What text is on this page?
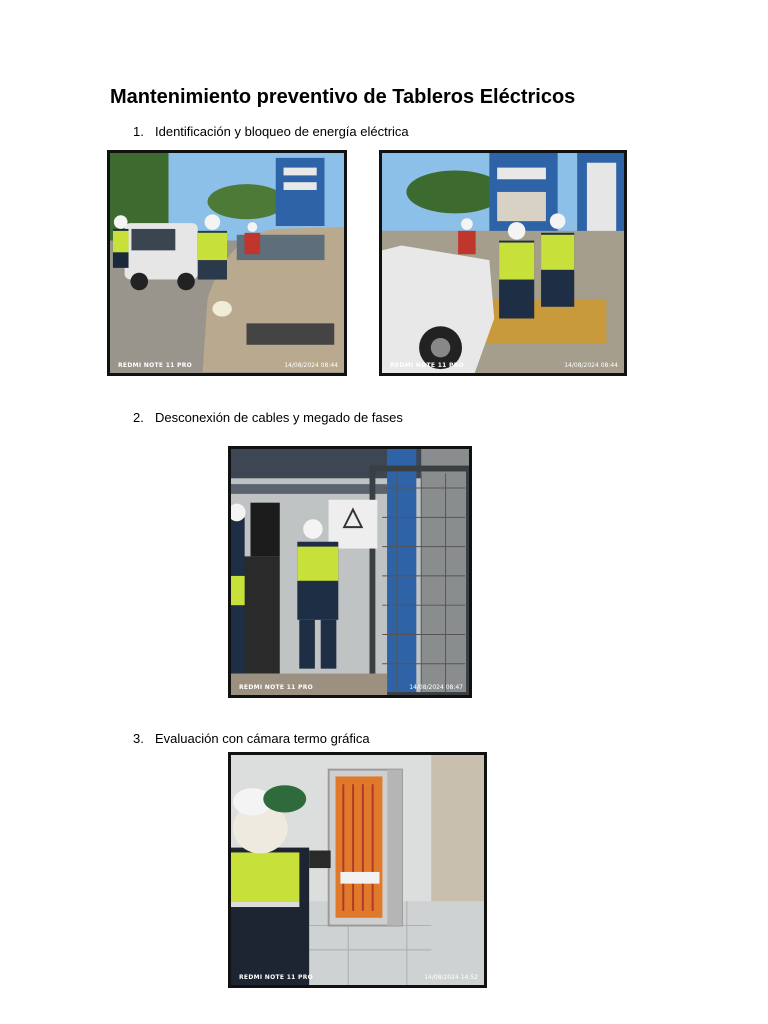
Mantenimiento preventivo de Tableros Eléctricos
1. Identificación y bloqueo de energía eléctrica
REDMI NOTE 11 PRO	14/08/2024 08:44	REDMI NOTE 11 PRO	14/08/2024 08:44
2. Desconexión de cables y megado de fases
REDMI NOTE 11 PRO	14/08/2024 08:47
3. Evaluación con cámara termo gráfica
REDMI NOTE 11 PRO	14/08/2024 14:52
